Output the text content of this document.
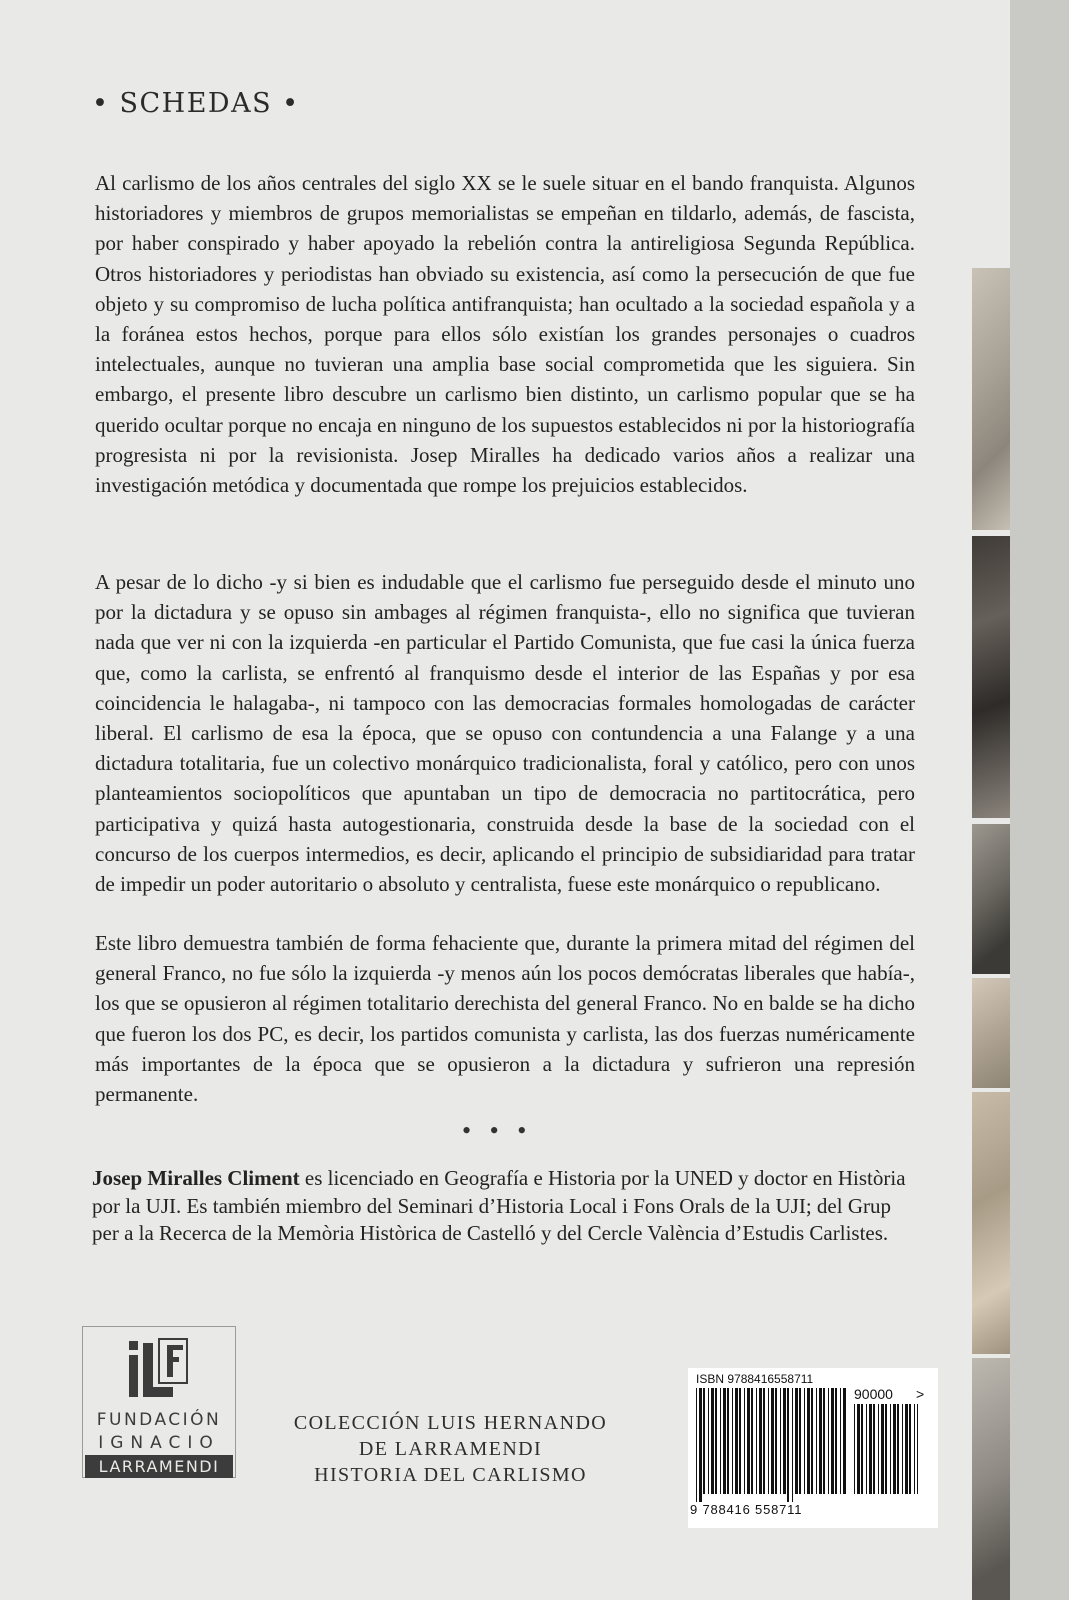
• SCHEDAS •

Al carlismo de los años centrales del siglo XX se le suele situar en el bando franquista. Algunos historiadores y miembros de grupos memorialistas se empeñan en tildarlo, además, de fascista, por haber conspirado y haber apoyado la rebelión contra la antireligiosa Segunda República. Otros historiadores y periodistas han obviado su existencia, así como la persecución de que fue objeto y su compromiso de lucha política antifranquista; han ocultado a la sociedad española y a la foránea estos hechos, porque para ellos sólo existían los grandes personajes o cuadros intelectuales, aunque no tuvieran una amplia base social comprometida que les siguiera. Sin embargo, el presente libro descubre un carlismo bien distinto, un carlismo popular que se ha querido ocultar porque no encaja en ninguno de los supuestos establecidos ni por la historiografía progresista ni por la revisionista. Josep Miralles ha dedicado varios años a realizar una investigación metódica y documentada que rompe los prejuicios establecidos.

A pesar de lo dicho -y si bien es indudable que el carlismo fue perseguido desde el minuto uno por la dictadura y se opuso sin ambages al régimen franquista-, ello no significa que tuvieran nada que ver ni con la izquierda -en particular el Partido Comunista, que fue casi la única fuerza que, como la carlista, se enfrentó al franquismo desde el interior de las Españas y por esa coincidencia le halagaba-, ni tampoco con las democracias formales homologadas de carácter liberal. El carlismo de esa la época, que se opuso con contundencia a una Falange y a una dictadura totalitaria, fue un colectivo monárquico tradicionalista, foral y católico, pero con unos planteamientos sociopolíticos que apuntaban un tipo de democracia no partitocrática, pero participativa y quizá hasta autogestionaria, construida desde la base de la sociedad con el concurso de los cuerpos intermedios, es decir, aplicando el principio de subsidiaridad para tratar de impedir un poder autoritario o absoluto y centralista, fuese este monárquico o republicano.

Este libro demuestra también de forma fehaciente que, durante la primera mitad del régimen del general Franco, no fue sólo la izquierda -y menos aún los pocos demócratas liberales que había-, los que se opusieron al régimen totalitario derechista del general Franco. No en balde se ha dicho que fueron los dos PC, es decir, los partidos comunista y carlista, las dos fuerzas numéricamente más importantes de la época que se opusieron a la dictadura y sufrieron una represión permanente.

• • •

Josep Miralles Climent es licenciado en Geografía e Historia por la UNED y doctor en Història por la UJI. Es también miembro del Seminari d’Historia Local i Fons Orals de la UJI; del Grup per a la Recerca de la Memòria Històrica de Castelló y del Cercle València d’Estudis Carlistes.

FUNDACIÓN
IGNACIO
LARRAMENDI
COLECCIÓN LUIS HERNANDO
DE LARRAMENDI
HISTORIA DEL CARLISMO
ISBN 9788416558711
90000 >
9 788416 558711
